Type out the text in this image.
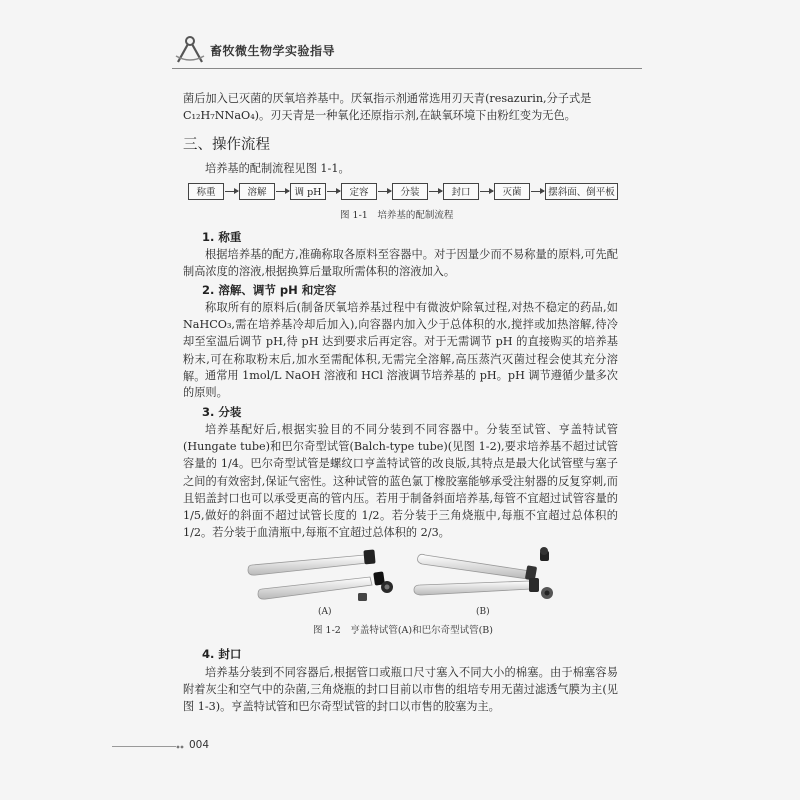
畜牧微生物学实验指导

菌后加入已灭菌的厌氧培养基中。厌氧指示剂通常选用刃天青(resazurin,分子式是

C₁₂H₇NNaO₄)。刃天青是一种氧化还原指示剂,在缺氧环境下由粉红变为无色。

三、操作流程

培养基的配制流程见图 1-1。

称重	溶解	调 pH	定容	分装	封口	灭菌	摆斜面、倒平板
图 1-1　培养基的配制流程
1. 称重

根据培养基的配方,准确称取各原料至容器中。对于因量少而不易称量的原料,可先配制高浓度的溶液,根据换算后量取所需体积的溶液加入。

2. 溶解、调节 pH 和定容

称取所有的原料后(制备厌氧培养基过程中有微波炉除氧过程,对热不稳定的药品,如 NaHCO₃,需在培养基冷却后加入),向容器内加入少于总体积的水,搅拌或加热溶解,待冷却至室温后调节 pH,待 pH 达到要求后再定容。对于无需调节 pH 的直接购买的培养基粉末,可在称取粉末后,加水至需配体积,无需完全溶解,高压蒸汽灭菌过程会使其充分溶解。 通常用 1mol/L NaOH 溶液和 HCl 溶液调节培养基的 pH。pH 调节遵循少量多次的原则。

3. 分装

培养基配好后,根据实验目的不同分装到不同容器中。分装至试管、亨盖特试管(Hungate tube)和巴尔奇型试管(Balch-type tube)(见图 1-2),要求培养基不超过试管容量的 1/4。巴尔奇型试管是螺纹口亨盖特试管的改良版,其特点是最大化试管壁与塞子之间的有效密封,保证气密性。这种试管的蓝色氯丁橡胶塞能够承受注射器的反复穿刺,而且铝盖封口也可以承受更高的管内压。若用于制备斜面培养基,每管不宜超过试管容量的 1/5,做好的斜面不超过试管长度的 1/2。若分装于三角烧瓶中,每瓶不宜超过总体积的 1/2。若分装于血清瓶中,每瓶不宜超过总体积的 2/3。

(A)	(B)
图 1-2　亨盖特试管(A)和巴尔奇型试管(B)
4. 封口

培养基分装到不同容器后,根据管口或瓶口尺寸塞入不同大小的棉塞。由于棉塞容易附着灰尘和空气中的杂菌,三角烧瓶的封口目前以市售的组培专用无菌过滤透气膜为主(见图 1-3)。亨盖特试管和巴尔奇型试管的封口以市售的胶塞为主。

004
